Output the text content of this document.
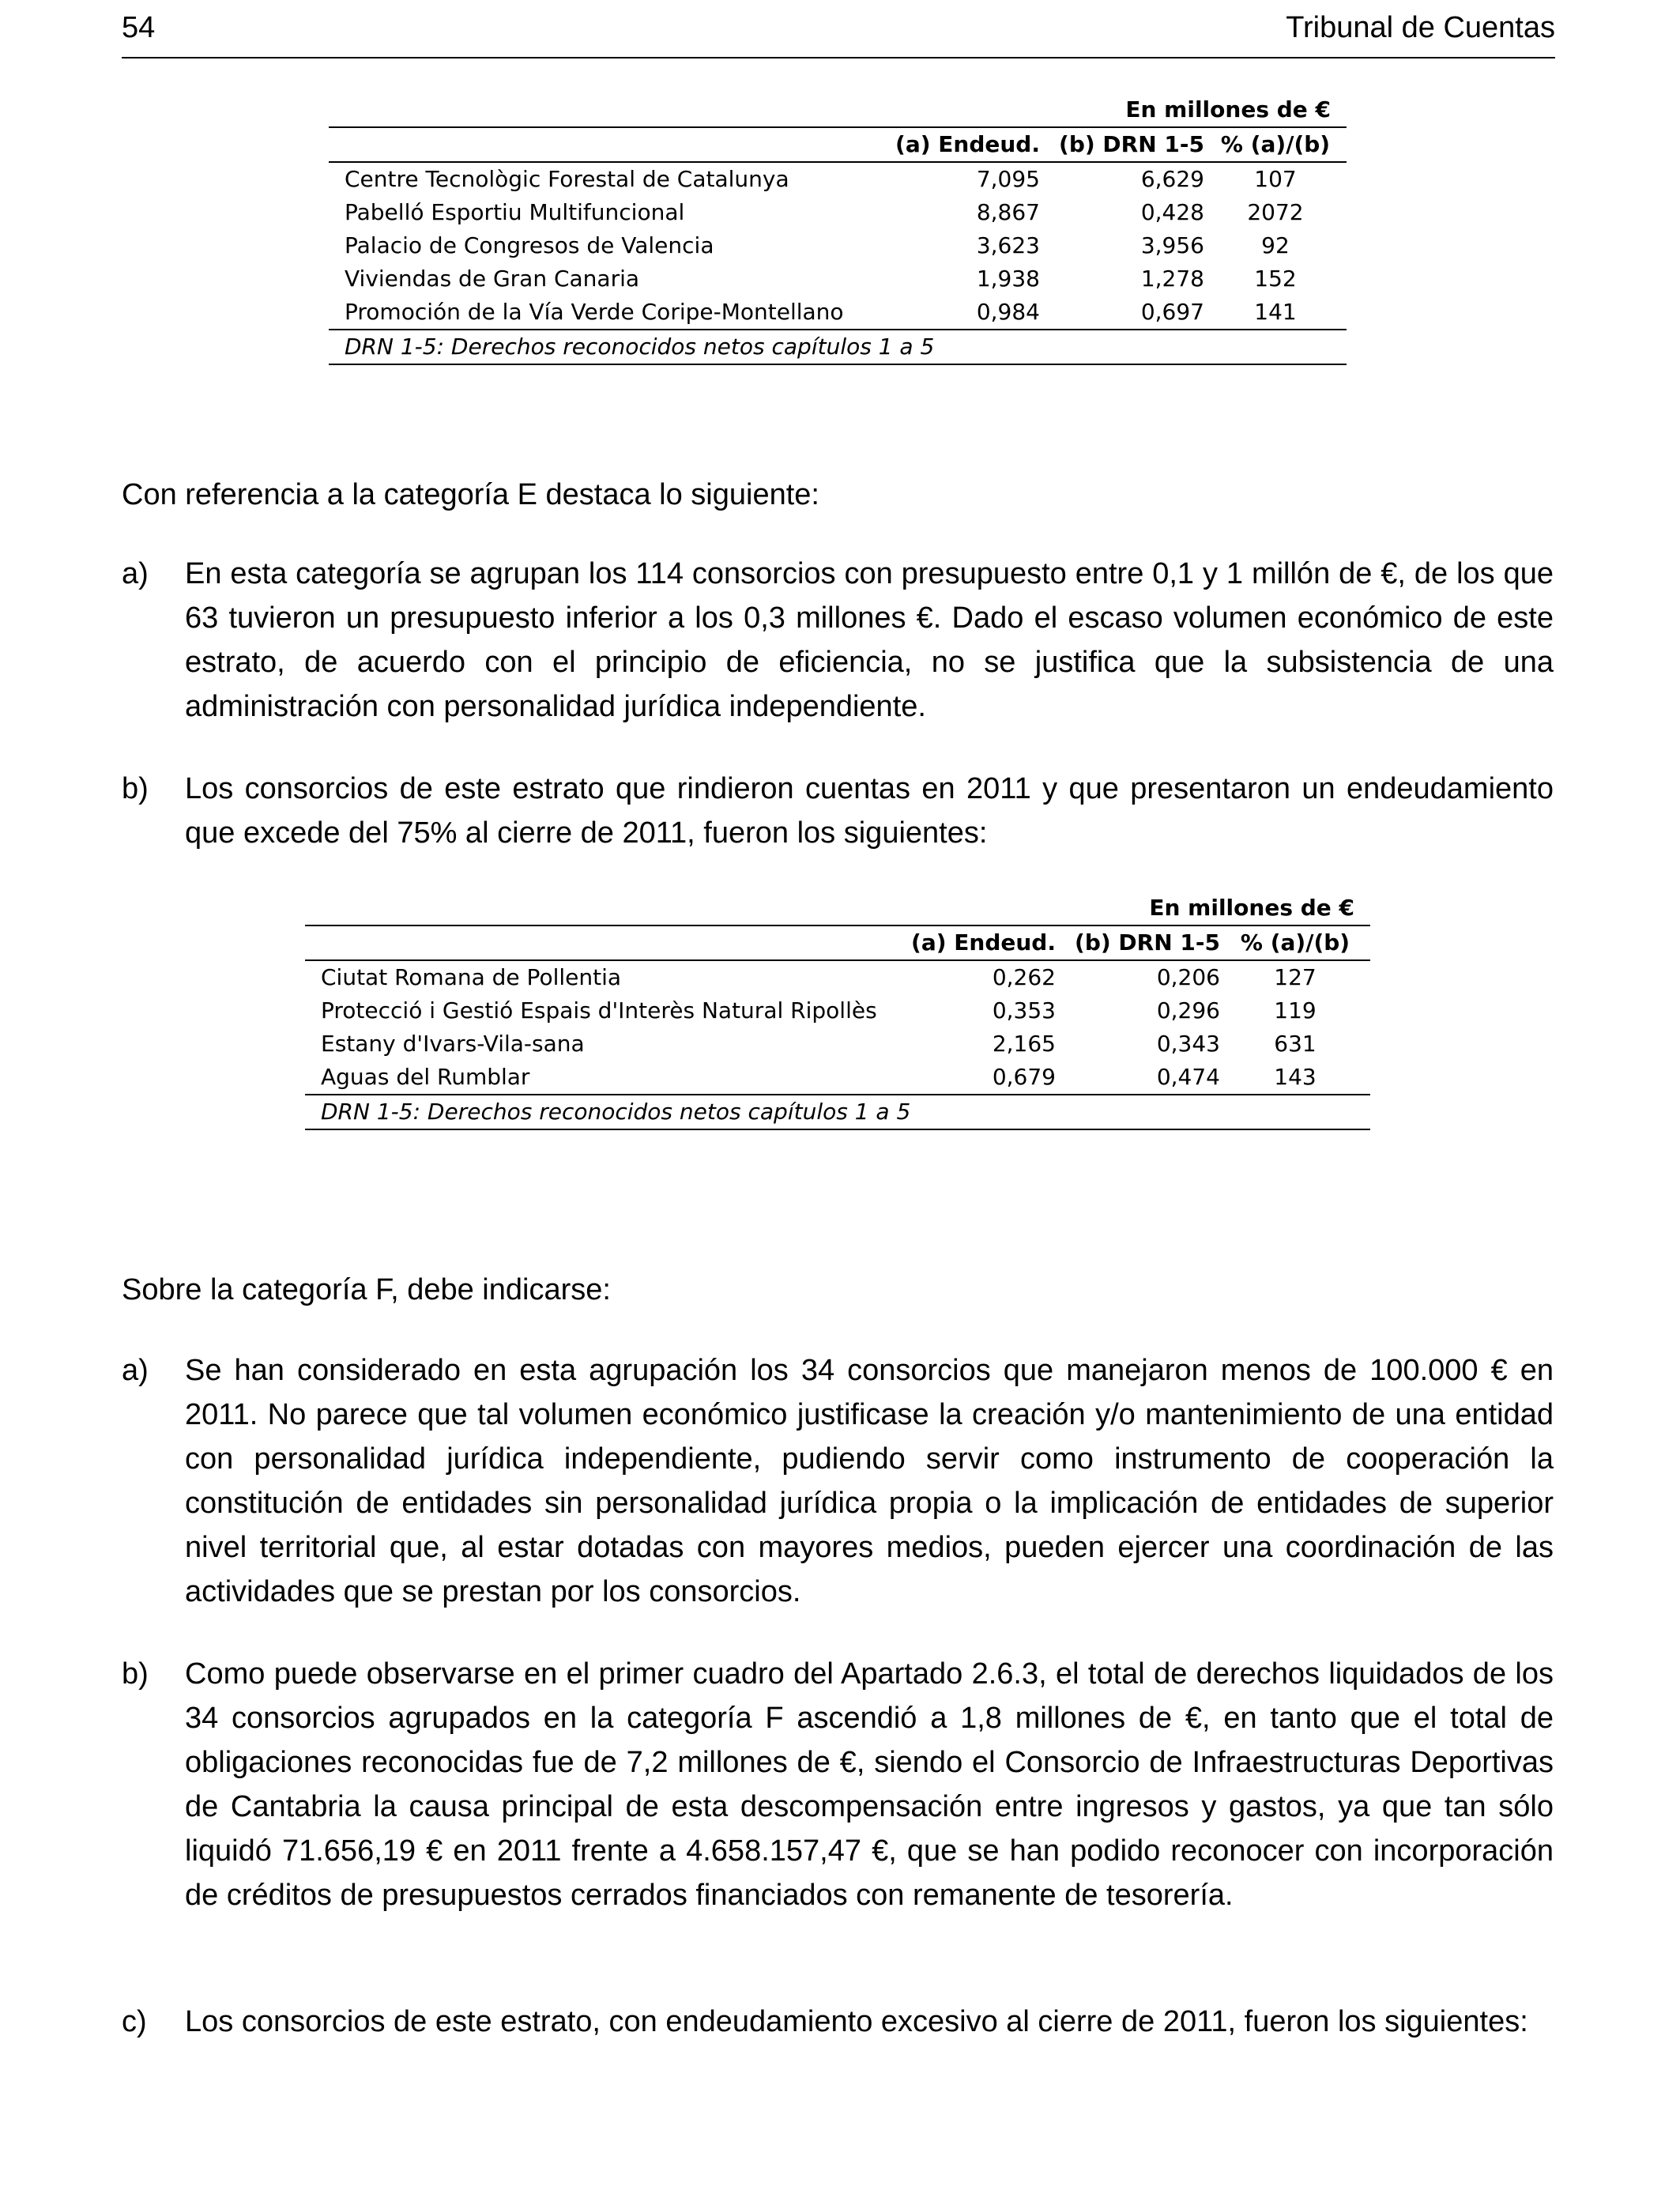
54	Tribunal de Cuentas
En millones de €			
	(a) Endeud.	(b) DRN 1-5	% (a)/(b)
Centre Tecnològic Forestal de Catalunya	7,095	6,629	107
Pabelló Esportiu Multifuncional	8,867	0,428	2072
Palacio de Congresos de Valencia	3,623	3,956	92
Viviendas de Gran Canaria	1,938	1,278	152
Promoción de la Vía Verde Coripe-Montellano	0,984	0,697	141
DRN 1-5: Derechos reconocidos netos capítulos 1 a 5			
Con referencia a la categoría E destaca lo siguiente:
a) En esta categoría se agrupan los 114 consorcios con presupuesto entre 0,1 y 1 millón de €, de los que 63 tuvieron un presupuesto inferior a los 0,3 millones €. Dado el escaso volumen económico de este estrato, de acuerdo con el principio de eficiencia, no se justifica que la subsistencia de una administración con personalidad jurídica independiente.
b) Los consorcios de este estrato que rindieron cuentas en 2011 y que presentaron un endeudamiento que excede del 75% al cierre de 2011, fueron los siguientes:
En millones de €			
	(a) Endeud.	(b) DRN 1-5	% (a)/(b)
Ciutat Romana de Pollentia	0,262	0,206	127
Protecció i Gestió Espais d'Interès Natural Ripollès	0,353	0,296	119
Estany d'Ivars-Vila-sana	2,165	0,343	631
Aguas del Rumblar	0,679	0,474	143
DRN 1-5: Derechos reconocidos netos capítulos 1 a 5			
Sobre la categoría F, debe indicarse:
a) Se han considerado en esta agrupación los 34 consorcios que manejaron menos de 100.000 € en 2011. No parece que tal volumen económico justificase la creación y/o mantenimiento de una entidad con personalidad jurídica independiente, pudiendo servir como instrumento de cooperación la constitución de entidades sin personalidad jurídica propia o la implicación de entidades de superior nivel territorial que, al estar dotadas con mayores medios, pueden ejercer una coordinación de las actividades que se prestan por los consorcios.
b) Como puede observarse en el primer cuadro del Apartado 2.6.3, el total de derechos liquidados de los 34 consorcios agrupados en la categoría F ascendió a 1,8 millones de €, en tanto que el total de obligaciones reconocidas fue de 7,2 millones de €, siendo el Consorcio de Infraestructuras Deportivas de Cantabria la causa principal de esta descompensación entre ingresos y gastos, ya que tan sólo liquidó 71.656,19 € en 2011 frente a 4.658.157,47 €, que se han podido reconocer con incorporación de créditos de presupuestos cerrados financiados con remanente de tesorería.
c) Los consorcios de este estrato, con endeudamiento excesivo al cierre de 2011, fueron los siguientes:
